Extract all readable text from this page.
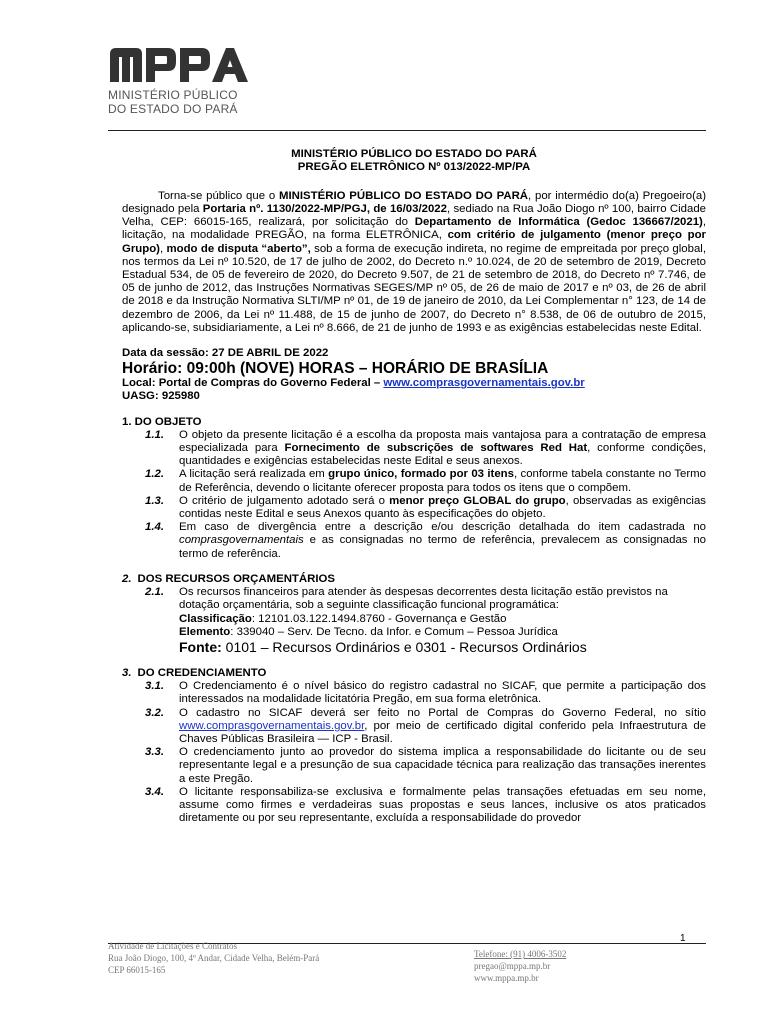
MINISTÉRIO PÚBLICO
DO ESTADO DO PARÁ
MINISTÉRIO PÚBLICO DO ESTADO DO PARÁ
PREGÃO ELETRÔNICO Nº 013/2022-MP/PA

Torna-se público que o MINISTÉRIO PÚBLICO DO ESTADO DO PARÁ, por intermédio do(a) Pregoeiro(a) designado pela Portaria nº. 1130/2022-MP/PGJ, de 16/03/2022, sediado na Rua João Diogo nº 100, bairro Cidade Velha, CEP: 66015-165, realizará, por solicitação do Departamento de Informática (Gedoc 136667/2021), licitação, na modalidade PREGÃO, na forma ELETRÔNICA, com critério de julgamento (menor preço por Grupo), modo de disputa “aberto”, sob a forma de execução indireta, no regime de empreitada por preço global, nos termos da Lei nº 10.520, de 17 de julho de 2002, do Decreto n.º 10.024, de 20 de setembro de 2019, Decreto Estadual 534, de 05 de fevereiro de 2020, do Decreto 9.507, de 21 de setembro de 2018, do Decreto nº 7.746, de 05 de junho de 2012, das Instruções Normativas SEGES/MP nº 05, de 26 de maio de 2017 e nº 03, de 26 de abril de 2018 e da Instrução Normativa SLTI/MP nº 01, de 19 de janeiro de 2010, da Lei Complementar n° 123, de 14 de dezembro de 2006, da Lei nº 11.488, de 15 de junho de 2007, do Decreto n° 8.538, de 06 de outubro de 2015, aplicando-se, subsidiariamente, a Lei nº 8.666, de 21 de junho de 1993 e as exigências estabelecidas neste Edital.

Data da sessão: 27 DE ABRIL DE 2022
Horário: 09:00h (NOVE) HORAS – HORÁRIO DE BRASÍLIA
Local: Portal de Compras do Governo Federal – www.comprasgovernamentais.gov.br
UASG: 925980
1. DO OBJETO
1.1.	O objeto da presente licitação é a escolha da proposta mais vantajosa para a contratação de empresa especializada para Fornecimento de subscrições de softwares Red Hat, conforme condições, quantidades e exigências estabelecidas neste Edital e seus anexos.
1.2.	A licitação será realizada em grupo único, formado por 03 itens, conforme tabela constante no Termo de Referência, devendo o licitante oferecer proposta para todos os itens que o compõem.
1.3.	O critério de julgamento adotado será o menor preço GLOBAL do grupo, observadas as exigências contidas neste Edital e seus Anexos quanto às especificações do objeto.
1.4.	Em caso de divergência entre a descrição e/ou descrição detalhada do item cadastrada no comprasgovernamentais e as consignadas no termo de referência, prevalecem as consignadas no termo de referência.
2. DOS RECURSOS ORÇAMENTÁRIOS
2.1.	Os recursos financeiros para atender às despesas decorrentes desta licitação estão previstos na dotação orçamentária, sob a seguinte classificação funcional programática:
Classificação: 12101.03.122.1494.8760 - Governança e Gestão
Elemento: 339040 – Serv. De Tecno. da Infor. e Comum – Pessoa Jurídica
Fonte: 0101 – Recursos Ordinários e 0301 - Recursos Ordinários
3. DO CREDENCIAMENTO
3.1.	O Credenciamento é o nível básico do registro cadastral no SICAF, que permite a participação dos interessados na modalidade licitatória Pregão, em sua forma eletrônica.
3.2.	O cadastro no SICAF deverá ser feito no Portal de Compras do Governo Federal, no sítio www.comprasgovernamentais.gov.br, por meio de certificado digital conferido pela Infraestrutura de Chaves Públicas Brasileira — ICP - Brasil.
3.3.	O credenciamento junto ao provedor do sistema implica a responsabilidade do licitante ou de seu representante legal e a presunção de sua capacidade técnica para realização das transações inerentes a este Pregão.
3.4.	O licitante responsabiliza-se exclusiva e formalmente pelas transações efetuadas em seu nome, assume como firmes e verdadeiras suas propostas e seus lances, inclusive os atos praticados diretamente ou por seu representante, excluída a responsabilidade do provedor
1
Atividade de Licitações e Contratos
Rua João Diogo, 100, 4º Andar, Cidade Velha, Belém-Pará
CEP 66015-165
Telefone: (91) 4006-3502
pregao@mppa.mp.br
www.mppa.mp.br
